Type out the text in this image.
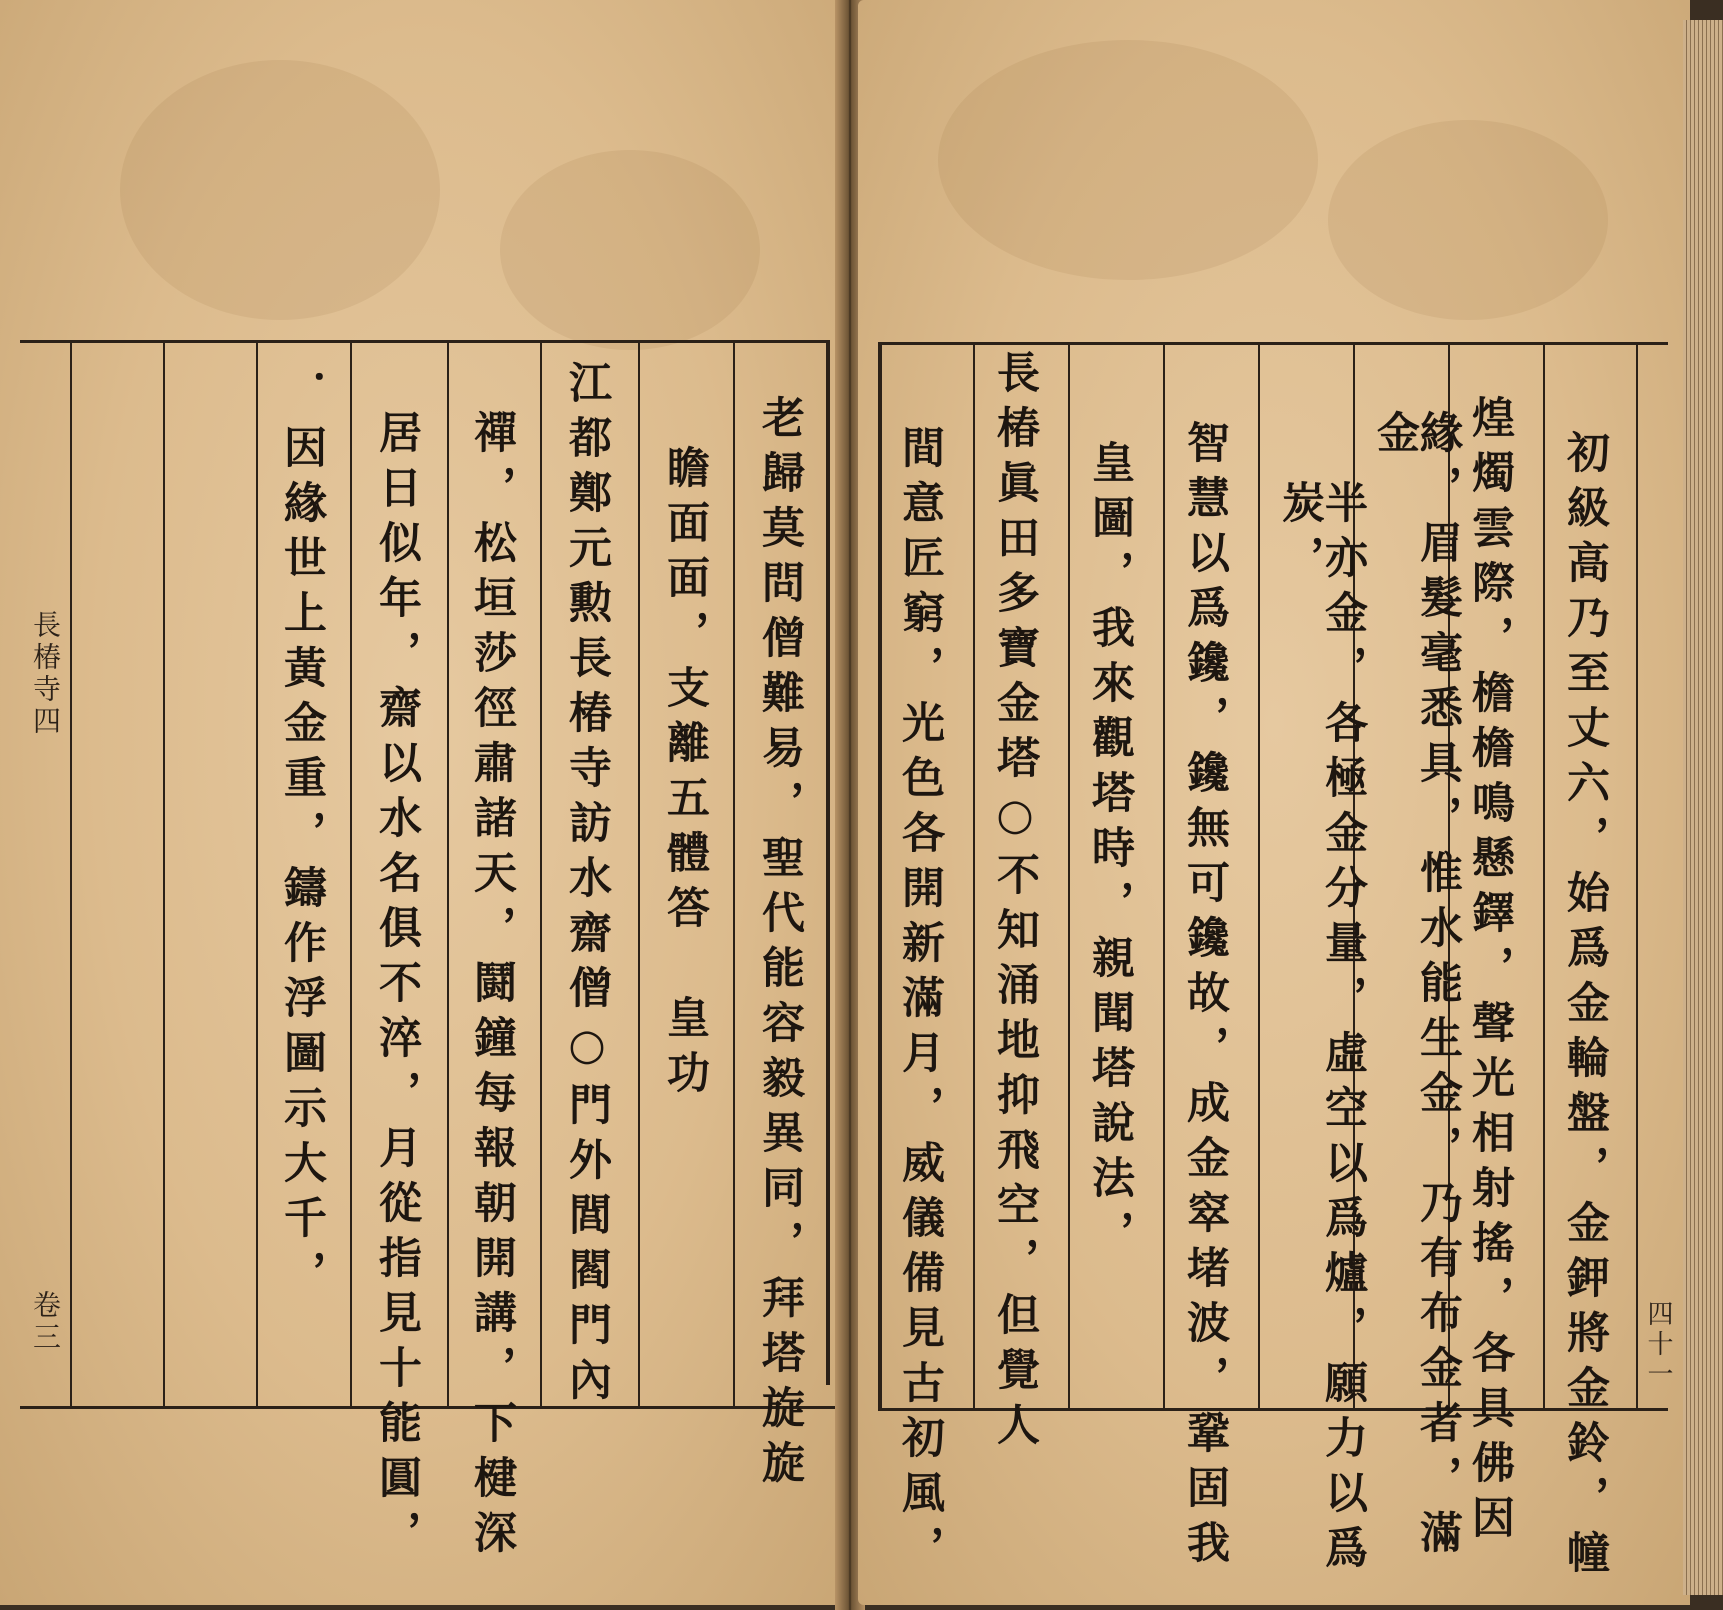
長椿寺四
卷三	老歸莫問僧難易，聖代能容毅異同，拜塔旋旋
瞻面面，支離五體答　皇功
江都鄭元勲長椿寺訪水齋僧○門外閭閻門內
禪，松垣莎徑肅諸天，鬪鐘每報朝開講，下楗深
居日似年，齋以水名俱不淬，月從指見十能圓，
．因緣世上黃金重，鑄作浮圖示大千，
四十一
初級高乃至丈六，始爲金輪盤，金鉀將金鈴，幢
煌燭雲際，檐檐鳴懸鐸，聲光相射搖，各具佛因
緣，眉髮毫悉具，惟水能生金，乃有布金者，滿金
半亦金，各極金分量，虛空以爲爐，願力以爲炭，
智慧以爲鑱，鑱無可鑱故，成金窣堵波，鞏固我
皇圖，我來觀塔時，親聞塔說法，
長椿眞田多寶金塔○不知涌地抑飛空，但覺人
間意匠窮，光色各開新滿月，威儀備見古初風，
